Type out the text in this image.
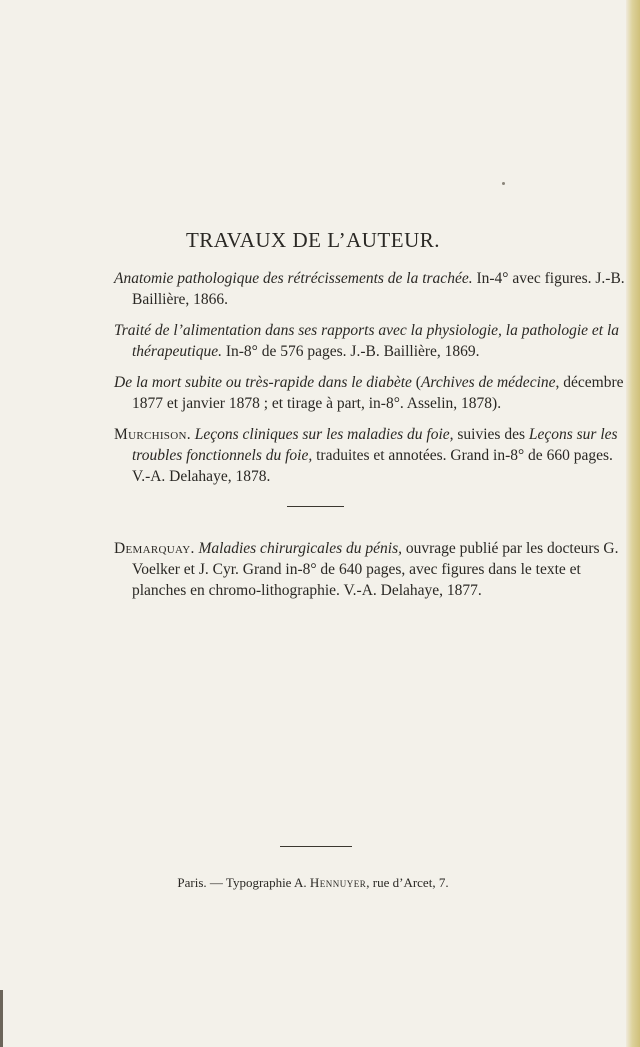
TRAVAUX DE L’AUTEUR.
Anatomie pathologique des rétrécissements de la trachée. In-4° avec figures. J.-B. Baillière, 1866.
Traité de l’alimentation dans ses rapports avec la physiologie, la pathologie et la thérapeutique. In-8° de 576 pages. J.-B. Baillière, 1869.
De la mort subite ou très-rapide dans le diabète (Archives de médecine, décembre 1877 et janvier 1878 ; et tirage à part, in-8°. Asselin, 1878).
Murchison. Leçons cliniques sur les maladies du foie, suivies des Leçons sur les troubles fonctionnels du foie, traduites et annotées. Grand in-8° de 660 pages. V.-A. Delahaye, 1878.
Demarquay. Maladies chirurgicales du pénis, ouvrage publié par les docteurs G. Voelker et J. Cyr. Grand in-8° de 640 pages, avec figures dans le texte et planches en chromo-lithographie. V.-A. Delahaye, 1877.
Paris. — Typographie A. Hennuyer, rue d’Arcet, 7.
